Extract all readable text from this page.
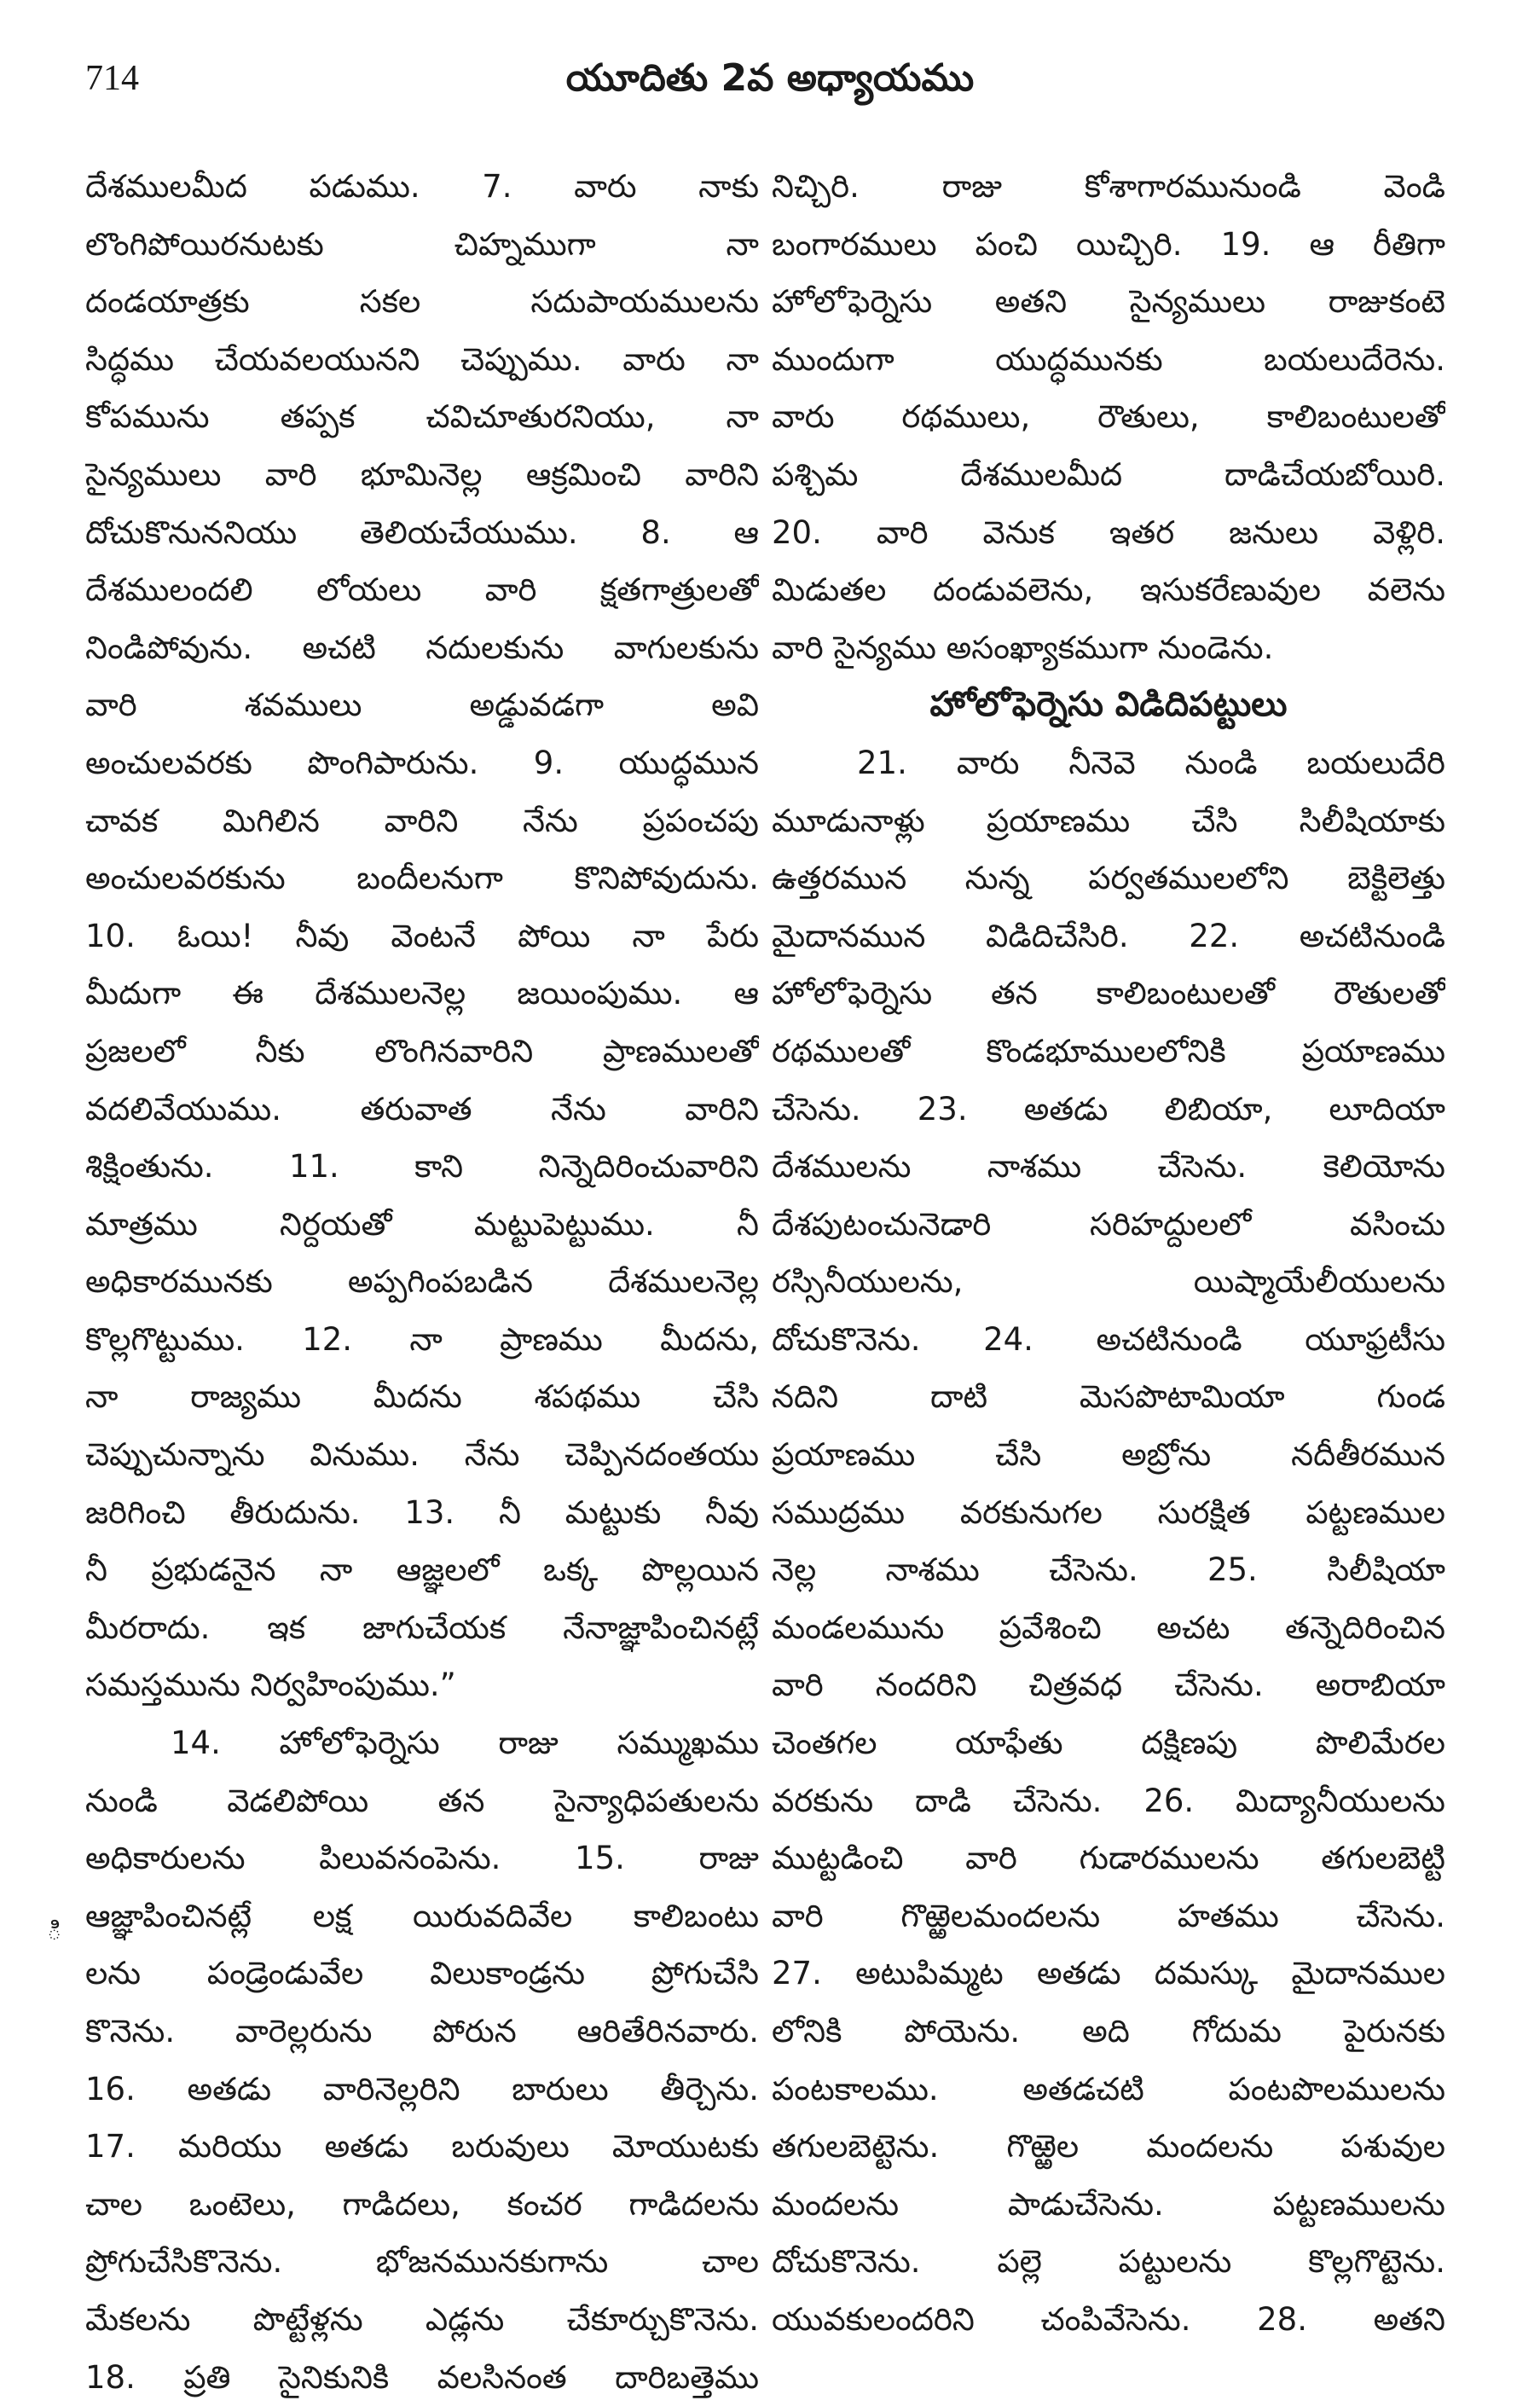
714	యూదితు 2వ అధ్యాయము
ి
దేశములమీద పడుము. 7. వారు నాకు
లొంగిపోయిరనుటకు చిహ్నముగా నా
దండయాత్రకు సకల సదుపాయములను
సిద్ధము చేయవలయునని చెప్పుము. వారు నా
కోపమును తప్పక చవిచూతురనియు, నా
సైన్యములు వారి భూమినెల్ల ఆక్రమించి వారిని
దోచుకొనుననియు తెలియచేయుము. 8. ఆ
దేశములందలి లోయలు వారి క్షతగాత్రులతో
నిండిపోవును. అచటి నదులకును వాగులకును
వారి శవములు అడ్డువడగా అవి
అంచులవరకు పొంగిపారును. 9. యుద్ధమున
చావక మిగిలిన వారిని నేను ప్రపంచపు
అంచులవరకును బందీలనుగా కొనిపోవుదును.
10. ఓయి! నీవు వెంటనే పోయి నా పేరు
మీదుగా ఈ దేశములనెల్ల జయింపుము. ఆ
ప్రజలలో నీకు లొంగినవారిని ప్రాణములతో
వదలివేయుము. తరువాత నేను వారిని
శిక్షింతును. 11. కాని నిన్నెదిరించువారిని
మాత్రము నిర్దయతో మట్టుపెట్టుము. నీ
అధికారమునకు అప్పగింపబడిన దేశములనెల్ల
కొల్లగొట్టుము. 12. నా ప్రాణము మీదను,
నా రాజ్యము మీదను శపథము చేసి
చెప్పుచున్నాను వినుము. నేను చెప్పినదంతయు
జరిగించి తీరుదును. 13. నీ మట్టుకు నీవు
నీ ప్రభుడనైన నా ఆజ్ఞలలో ఒక్క పొల్లయిన
మీరరాదు. ఇక జాగుచేయక నేనాజ్ఞాపించినట్లే
సమస్తమును నిర్వహింపుము.”
14. హోలోఫెర్నెసు రాజు సమ్ముఖము
నుండి వెడలిపోయి తన సైన్యాధిపతులను
అధికారులను పిలువనంపెను. 15. రాజు
ఆజ్ఞాపించినట్లే లక్ష యిరువదివేల కాలిబంటు
లను పండ్రెండువేల విలుకాండ్రను ప్రోగుచేసి
కొనెను. వారెల్లరును పోరున ఆరితేరినవారు.
16. అతడు వారినెల్లరిని బారులు తీర్చెను.
17. మరియు అతడు బరువులు మోయుటకు
చాల ఒంటెలు, గాడిదలు, కంచర గాడిదలను
ప్రోగుచేసికొనెను. భోజనమునకుగాను చాల
మేకలను పొట్టేళ్లను ఎడ్లను చేకూర్చుకొనెను.
18. ప్రతి సైనికునికి వలసినంత దారిబత్తెము
నిచ్చిరి. రాజు కోశాగారమునుండి వెండి
బంగారములు పంచి యిచ్చిరి. 19. ఆ రీతిగా
హోలోఫెర్నెసు అతని సైన్యములు రాజుకంటె
ముందుగా యుద్ధమునకు బయలుదేరెను.
వారు రథములు, రౌతులు, కాలిబంటులతో
పశ్చిమ దేశములమీద దాడిచేయబోయిరి.
20. వారి వెనుక ఇతర జనులు వెళ్లిరి.
మిడుతల దండువలెను, ఇసుకరేణువుల వలెను
వారి సైన్యము అసంఖ్యాకముగా నుండెను.
హోలోఫెర్నెసు విడిదిపట్టులు
21. వారు నీనెవె నుండి బయలుదేరి
మూడునాళ్లు ప్రయాణము చేసి సిలీషియాకు
ఉత్తరమున నున్న పర్వతములలోని బెక్టిలెత్తు
మైదానమున విడిదిచేసిరి. 22. అచటినుండి
హోలోఫెర్నెసు తన కాలిబంటులతో రౌతులతో
రథములతో కొండభూములలోనికి ప్రయాణము
చేసెను. 23. అతడు లిబియా, లూదియా
దేశములను నాశము చేసెను. కెలియోను
దేశపుటంచునెడారి సరిహద్దులలో వసించు
రస్సినీయులను, యిష్మాయేలీయులను
దోచుకొనెను. 24. అచటినుండి యూఫ్రటీసు
నదిని దాటి మెసపొటామియా గుండ
ప్రయాణము చేసి అబ్రోను నదీతీరమున
సముద్రము వరకునుగల సురక్షిత పట్టణముల
నెల్ల నాశము చేసెను. 25. సిలీషియా
మండలమును ప్రవేశించి అచట తన్నెదిరించిన
వారి నందరిని చిత్రవధ చేసెను. అరాబియా
చెంతగల యాఫేతు దక్షిణపు పొలిమేరల
వరకును దాడి చేసెను. 26. మిద్యానీయులను
ముట్టడించి వారి గుడారములను తగులబెట్టి
వారి గొఱ్ఱెలమందలను హతము చేసెను.
27. అటుపిమ్మట అతడు దమస్కు మైదానముల
లోనికి పోయెను. అది గోదుమ పైరునకు
పంటకాలము. అతడచటి పంటపొలములను
తగులబెట్టెను. గొఱ్ఱెల మందలను పశువుల
మందలను పాడుచేసెను. పట్టణములను
దోచుకొనెను. పల్లె పట్టులను కొల్లగొట్టెను.
యువకులందరిని చంపివేసెను. 28. అతని
